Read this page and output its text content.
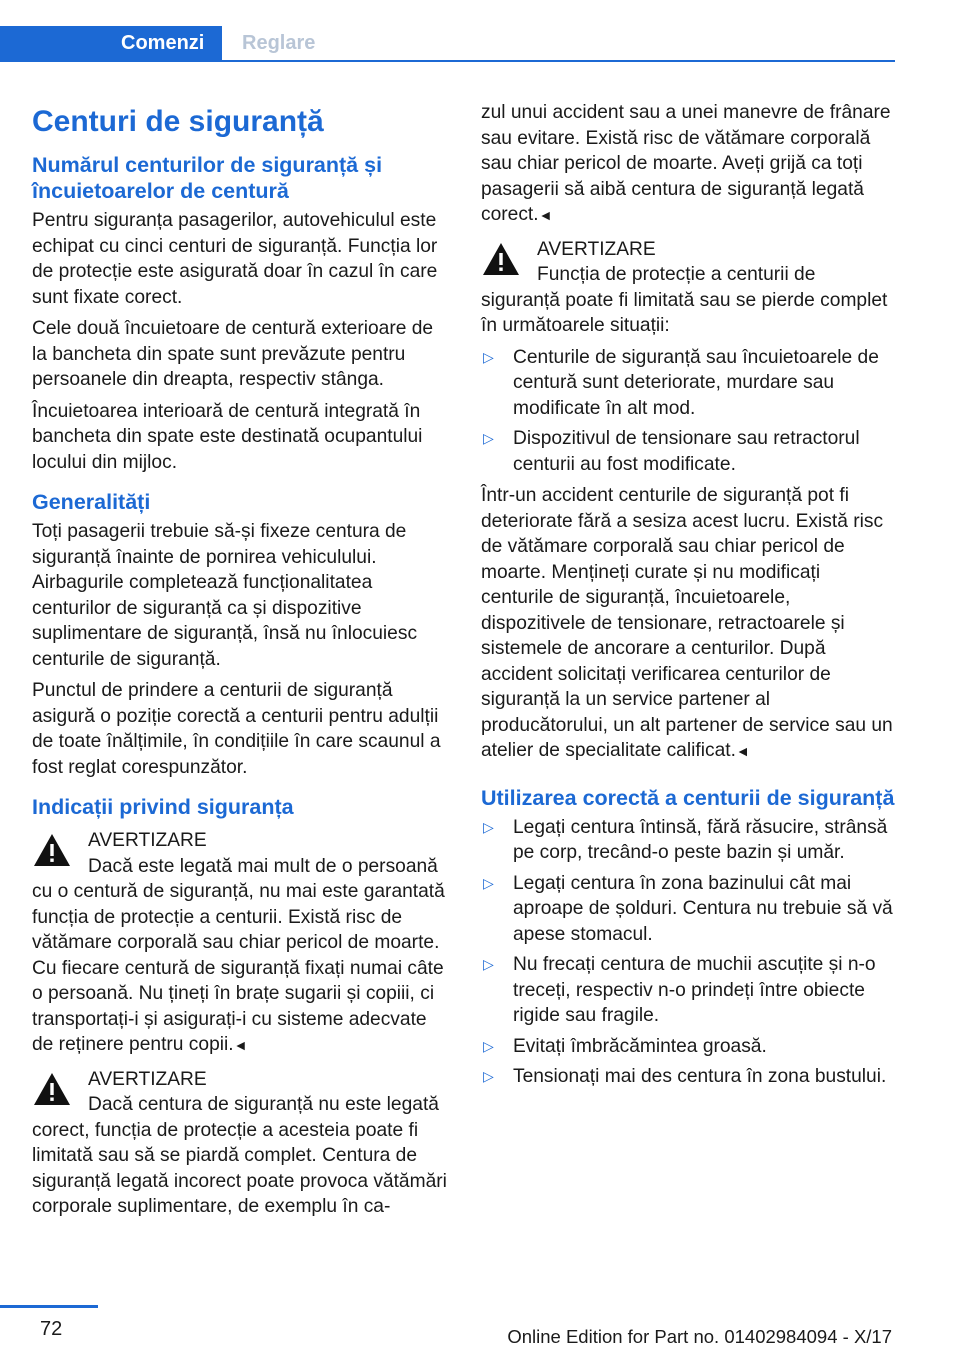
Comenzi	Reglare
Centuri de siguranță
Numărul centurilor de siguranță și încuietoarelor de centură

Pentru siguranța pasagerilor, autovehiculul este echipat cu cinci centuri de siguranță. Funcția lor de protecție este asigurată doar în cazul în care sunt fixate corect.

Cele două încuietoare de centură exterioare de la bancheta din spate sunt prevăzute pentru persoanele din dreapta, respectiv stânga.

Încuietoarea interioară de centură integrată în bancheta din spate este destinată ocupantului locului din mijloc.

Generalități

Toți pasagerii trebuie să-și fixeze centura de siguranță înainte de pornirea vehiculului. Airbagurile completează funcționalitatea centurilor de siguranță ca și dispozitive suplimentare de siguranță, însă nu înlocuiesc centurile de siguranță.

Punctul de prindere a centurii de siguranță asigură o poziție corectă a centurii pentru adulții de toate înălțimile, în condițiile în care scaunul a fost reglat corespunzător.

Indicații privind siguranța
AVERTIZARE
Dacă este legată mai mult de o persoană cu o centură de siguranță, nu mai este garantată funcția de protecție a centurii. Există risc de vătămare corporală sau chiar pericol de moarte. Cu fiecare centură de siguranță fixați numai câte o persoană. Nu țineți în brațe sugarii și copiii, ci transportați-i și asigurați-i cu sisteme adecvate de reținere pentru copii.◄
AVERTIZARE
Dacă centura de siguranță nu este legată corect, funcția de protecție a acesteia poate fi limitată sau să se piardă complet. Centura de siguranță legată incorect poate provoca vătămări corporale suplimentare, de exemplu în ca-

zul unui accident sau a unei manevre de frânare sau evitare. Există risc de vătămare corporală sau chiar pericol de moarte. Aveți grijă ca toți pasagerii să aibă centura de siguranță legată corect.◄

AVERTIZARE
Funcția de protecție a centurii de siguranță poate fi limitată sau se pierde complet în următoarele situații:
▷ Centurile de siguranță sau încuietoarele de centură sunt deteriorate, murdare sau modificate în alt mod.
▷ Dispozitivul de tensionare sau retractorul centurii au fost modificate.

Într-un accident centurile de siguranță pot fi deteriorate fără a sesiza acest lucru. Există risc de vătămare corporală sau chiar pericol de moarte. Mențineți curate și nu modificați centurile de siguranță, încuietoarele, dispozitivele de tensionare, retractoarele și sistemele de ancorare a centurilor. După accident solicitați verificarea centurilor de siguranță la un service partener al producătorului, un alt partener de service sau un atelier de specialitate calificat.◄

Utilizarea corectă a centurii de siguranță
▷ Legați centura întinsă, fără răsucire, strânsă pe corp, trecând-o peste bazin și umăr.
▷ Legați centura în zona bazinului cât mai aproape de șolduri. Centura nu trebuie să vă apese stomacul.
▷ Nu frecați centura de muchii ascuțite și n-o treceți, respectiv n-o prindeți între obiecte rigide sau fragile.
▷ Evitați îmbrăcămintea groasă.
▷ Tensionați mai des centura în zona bustului.
72	Online Edition for Part no. 01402984094 - X/17
